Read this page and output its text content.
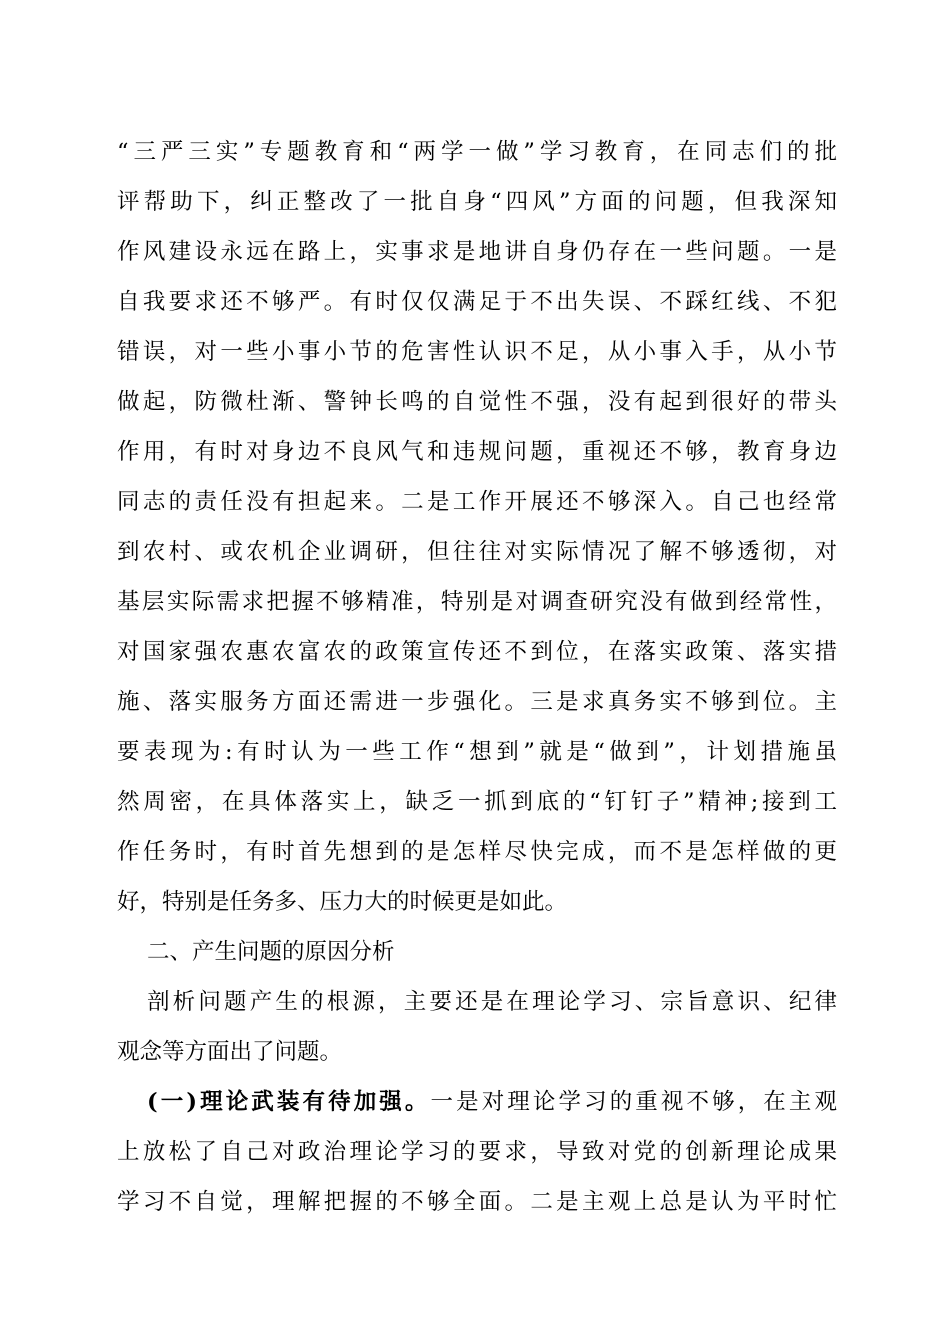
“三严三实”专题教育和“两学一做”学习教育，在同志们的批
评帮助下，纠正整改了一批自身“四风”方面的问题，但我深知
作风建设永远在路上，实事求是地讲自身仍存在一些问题。一是
自我要求还不够严。有时仅仅满足于不出失误、不踩红线、不犯
错误，对一些小事小节的危害性认识不足，从小事入手，从小节
做起，防微杜渐、警钟长鸣的自觉性不强，没有起到很好的带头
作用，有时对身边不良风气和违规问题，重视还不够，教育身边
同志的责任没有担起来。二是工作开展还不够深入。自己也经常
到农村、或农机企业调研，但往往对实际情况了解不够透彻，对
基层实际需求把握不够精准，特别是对调查研究没有做到经常性，
对国家强农惠农富农的政策宣传还不到位，在落实政策、落实措
施、落实服务方面还需进一步强化。三是求真务实不够到位。主
要表现为:有时认为一些工作“想到”就是“做到”，计划措施虽
然周密，在具体落实上，缺乏一抓到底的“钉钉子”精神;接到工
作任务时，有时首先想到的是怎样尽快完成，而不是怎样做的更
好，特别是任务多、压力大的时候更是如此。
二、产生问题的原因分析
剖析问题产生的根源，主要还是在理论学习、宗旨意识、纪律
观念等方面出了问题。
(一)理论武装有待加强。一是对理论学习的重视不够，在主观
上放松了自己对政治理论学习的要求，导致对党的创新理论成果
学习不自觉，理解把握的不够全面。二是主观上总是认为平时忙
